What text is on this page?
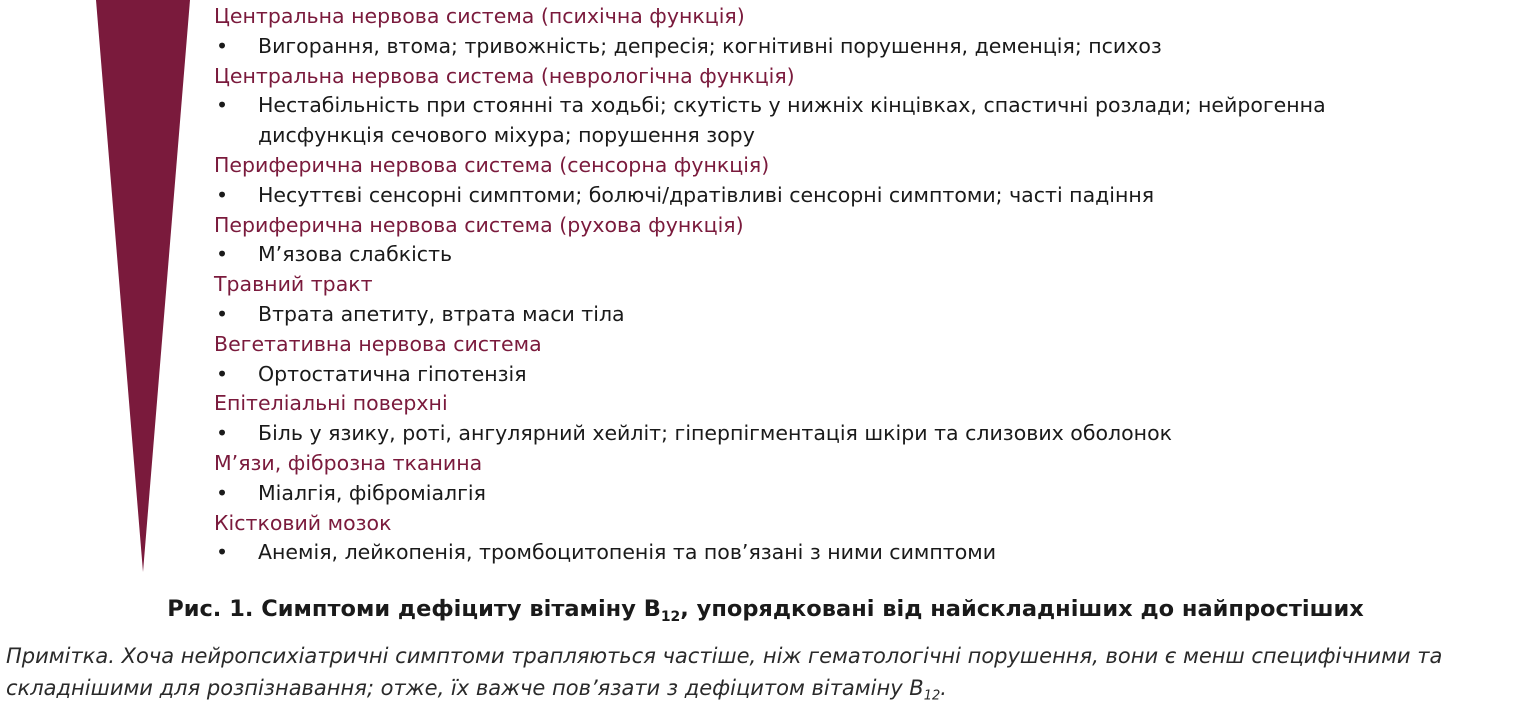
Центральна нервова система (психічна функція)
• Вигорання, втома; тривожність; депресія; когнітивні порушення, деменція; психоз
Центральна нервова система (неврологічна функція)
• Нестабільність при стоянні та ходьбі; скутість у нижніх кінцівках, спастичні розлади; нейрогенна дисфункція сечового міхура; порушення зору
Периферична нервова система (сенсорна функція)
• Несуттєві сенсорні симптоми; болючі/дратівливі сенсорні симптоми; часті падіння
Периферична нервова система (рухова функція)
• М’язова слабкість
Травний тракт
• Втрата апетиту, втрата маси тіла
Вегетативна нервова система
• Ортостатична гіпотензія
Епітеліальні поверхні
• Біль у язику, роті, ангулярний хейліт; гіперпігментація шкіри та слизових оболонок
М’язи, фіброзна тканина
• Міалгія, фіброміалгія
Кістковий мозок
• Анемія, лейкопенія, тромбоцитопенія та пов’язані з ними симптоми
Рис. 1. Симптоми дефіциту вітаміну $B_{12}$, упорядковані від найскладніших до найпростіших
Примітка. Хоча нейропсихіатричні симптоми трапляються частіше, ніж гематологічні порушення, вони є менш специфічними та складнішими для розпізнавання; отже, їх важче пов’язати з дефіцитом вітаміну $B_{12}$.
